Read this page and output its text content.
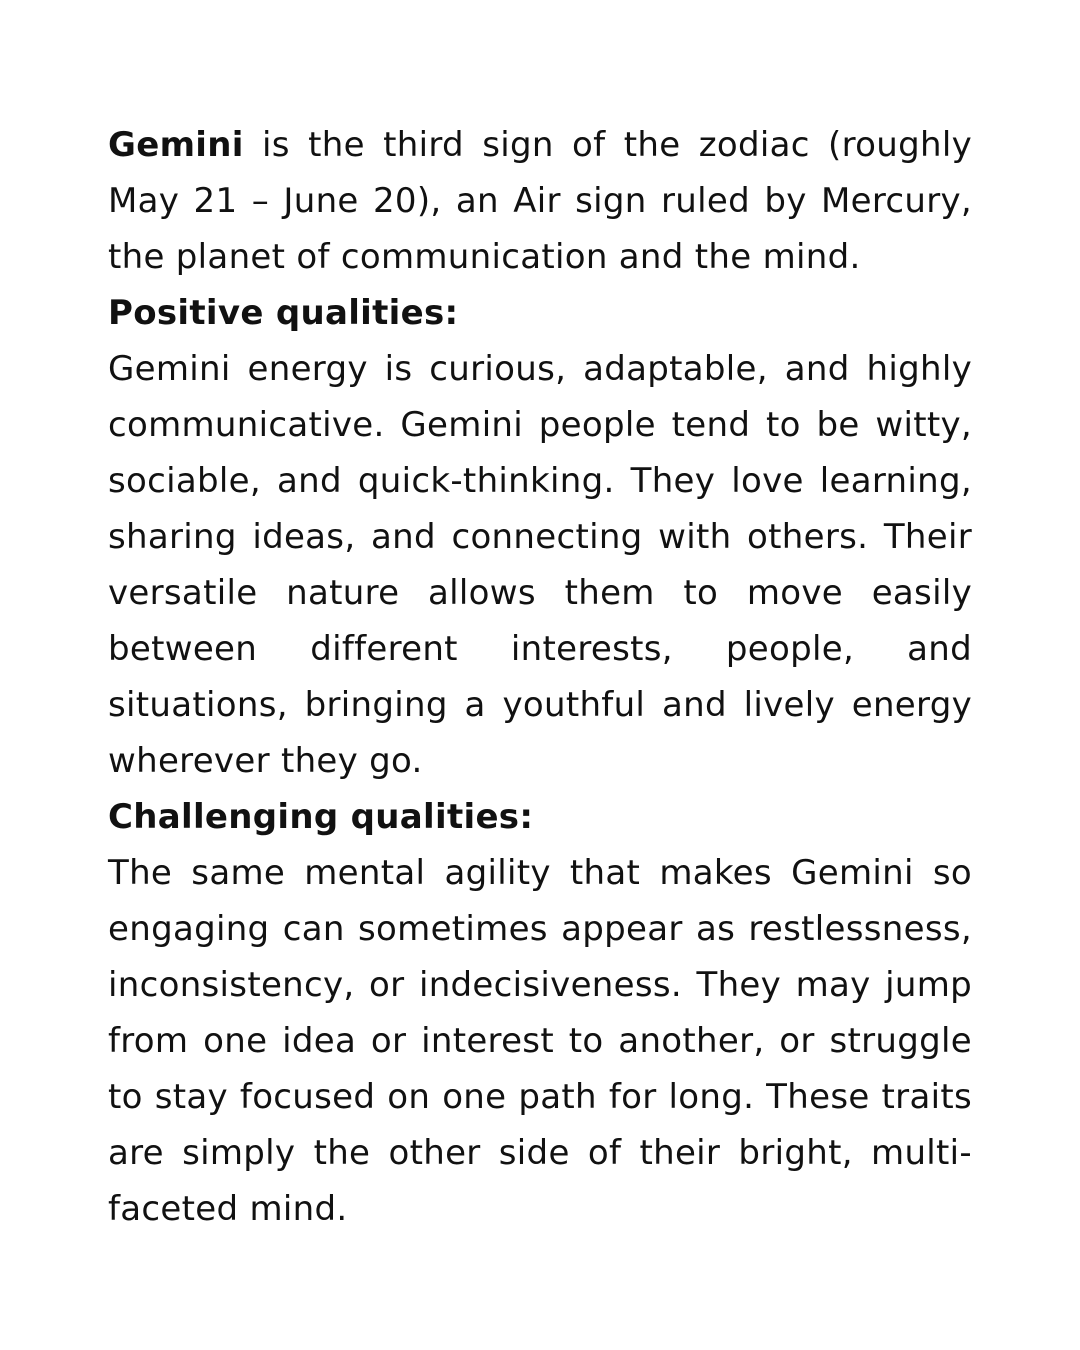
Gemini is the third sign of the zodiac (roughly May 21 – June 20), an Air sign ruled by Mercury, the planet of communication and the mind.

Positive qualities:

Gemini energy is curious, adaptable, and highly communicative. Gemini people tend to be witty, sociable, and quick-thinking. They love learning, sharing ideas, and connecting with others. Their versatile nature allows them to move easily between different interests, people, and situations, bringing a youthful and lively energy wherever they go.

Challenging qualities:

The same mental agility that makes Gemini so engaging can sometimes appear as restlessness, inconsistency, or indecisiveness. They may jump from one idea or interest to another, or struggle to stay focused on one path for long. These traits are simply the other side of their bright, multi-faceted mind.
